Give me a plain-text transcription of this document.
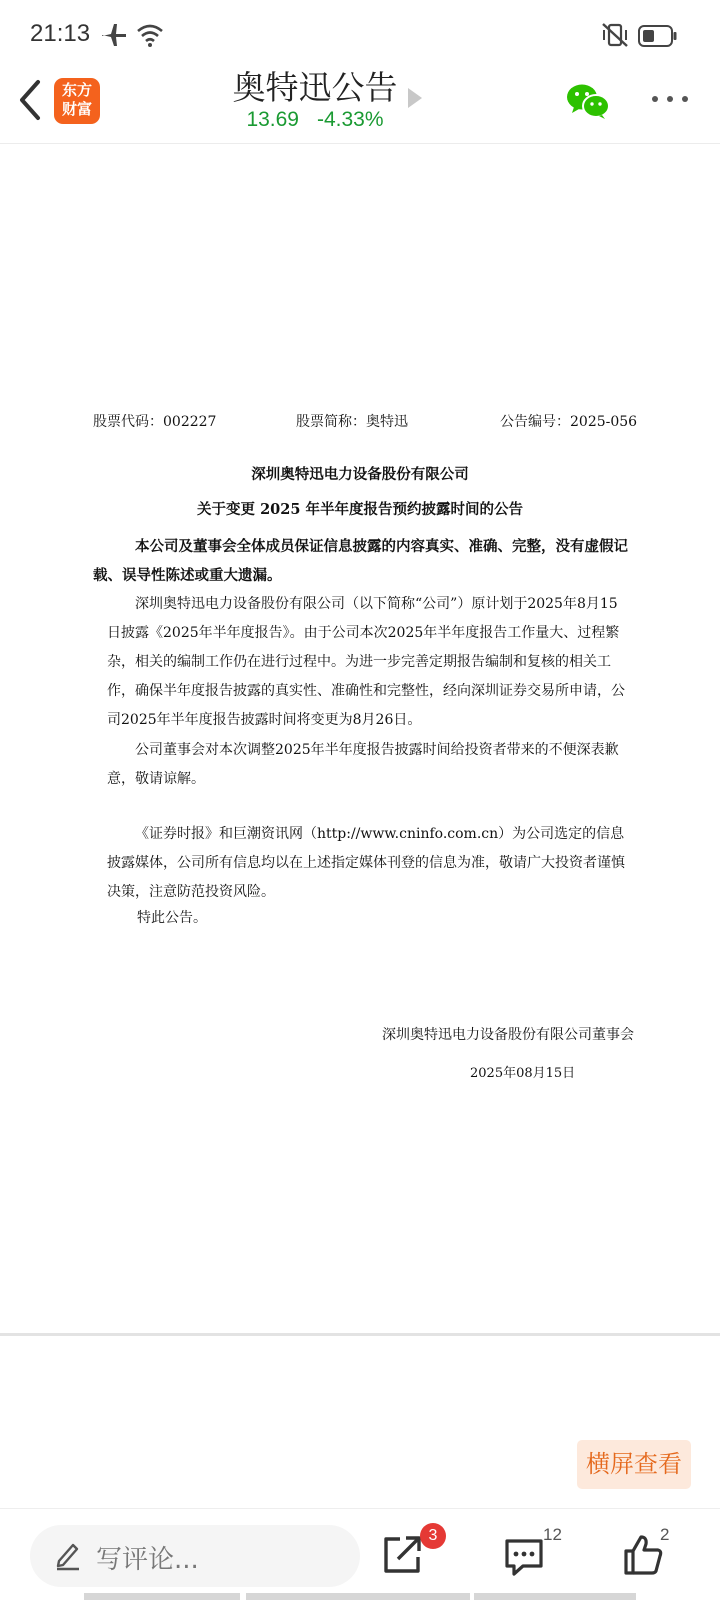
21:13
东方
财富
奥特迅公告
13.69 -4.33%
股票代码：002227	股票简称：奥特迅	公告编号：2025-056
深圳奥特迅电力设备股份有限公司
关于变更 2025 年半年度报告预约披露时间的公告
本公司及董事会全体成员保证信息披露的内容真实、准确、完整，没有虚假记载、误导性陈述或重大遗漏。
深圳奥特迅电力设备股份有限公司（以下简称“公司”）原计划于2025年8月15日披露《2025年半年度报告》。由于公司本次2025年半年度报告工作量大、过程繁杂，相关的编制工作仍在进行过程中。为进一步完善定期报告编制和复核的相关工作，确保半年度报告披露的真实性、准确性和完整性，经向深圳证券交易所申请，公司2025年半年度报告披露时间将变更为8月26日。
公司董事会对本次调整2025年半年度报告披露时间给投资者带来的不便深表歉意，敬请谅解。
《证券时报》和巨潮资讯网（http://www.cninfo.com.cn）为公司选定的信息披露媒体，公司所有信息均以在上述指定媒体刊登的信息为准，敬请广大投资者谨慎决策，注意防范投资风险。
特此公告。
深圳奥特迅电力设备股份有限公司董事会
2025年08月15日
横屏查看
写评论...
3	12	2
